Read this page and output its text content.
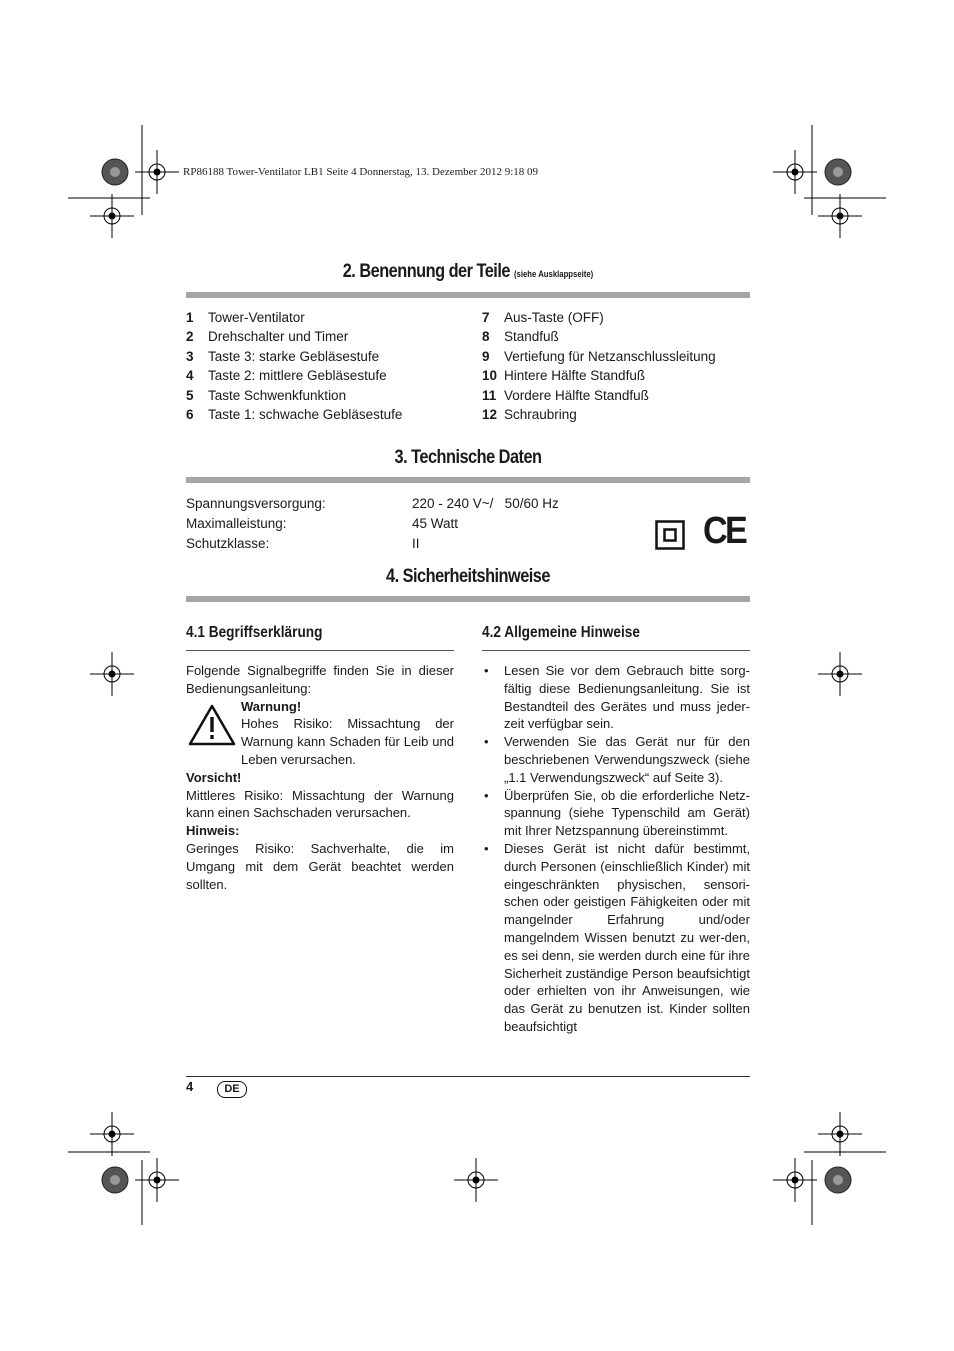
RP86188 Tower-Ventilator LB1 Seite 4 Donnerstag, 13. Dezember 2012 9:18 09
2. Benennung der Teile (siehe Ausklappseite)
1	Tower-Ventilator
2	Drehschalter und Timer
3	Taste 3: starke Gebläsestufe
4	Taste 2: mittlere Gebläsestufe
5	Taste Schwenkfunktion
6	Taste 1: schwache Gebläsestufe
7	Aus-Taste (OFF)
8	Standfuß
9	Vertiefung für Netzanschlussleitung
10 Hintere Hälfte Standfuß
11 Vordere Hälfte Standfuß
12 Schraubring
3. Technische Daten
Spannungsversorgung:	220 - 240 V~/   50/60 Hz
Maximalleistung:	45 Watt
Schutzklasse:	II	CE
4. Sicherheitshinweise
4.1 Begriffserklärung	4.2 Allgemeine Hinweise

Folgende Signalbegriffe finden Sie in dieser Bedienungsanleitung:

Warnung!

Hohes Risiko: Missachtung der Warnung kann Schaden für Leib und Leben verursachen.

Vorsicht!

Mittleres Risiko: Missachtung der Warnung kann einen Sachschaden verursachen.

Hinweis:

Geringes Risiko: Sachverhalte, die im Umgang mit dem Gerät beachtet werden sollten.

• Lesen Sie vor dem Gebrauch bitte sorg-fältig diese Bedienungsanleitung. Sie ist Bestandteil des Gerätes und muss jeder-zeit verfügbar sein.

• Verwenden Sie das Gerät nur für den beschriebenen Verwendungszweck (siehe „1.1 Verwendungszweck“ auf Seite 3).

• Überprüfen Sie, ob die erforderliche Netz-spannung (siehe Typenschild am Gerät) mit Ihrer Netzspannung übereinstimmt.

• Dieses Gerät ist nicht dafür bestimmt, durch Personen (einschließlich Kinder) mit eingeschränkten physischen, sensori-schen oder geistigen Fähigkeiten oder mit mangelnder Erfahrung und/oder mangelndem Wissen benutzt zu wer-den, es sei denn, sie werden durch eine für ihre Sicherheit zuständige Person beaufsichtigt oder erhielten von ihr Anweisungen, wie das Gerät zu benutzen ist. Kinder sollten beaufsichtigt

4	DE
